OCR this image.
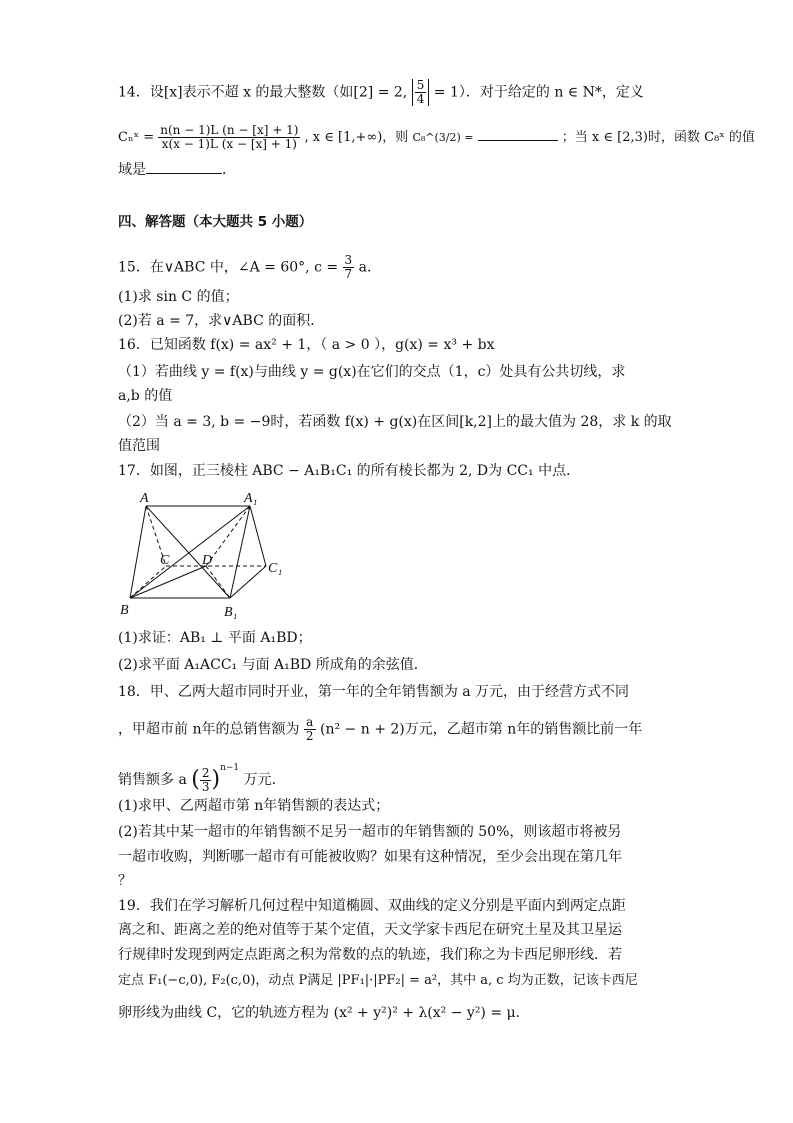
14．设[x]表示不超 x 的最大整数（如[2] = 2, $\frac{5}{4} = 1$）．对于给定的 n ∈ N*，定义
Cₙˣ = $\frac{n(n - 1)L (n - [x] + 1)}{x(x - 1)L (x - [x] + 1)}$ , x ∈ [1,+∞)，则 C₈^(3/2) =	；当 x ∈ [2,3)时，函数 C₈ˣ 的值
域是	．
四、解答题（本大题共 5 小题）
15．在∨ABC 中，∠A = 60°, $c = \frac{3}{7}$ a．
(1)求 sin C 的值；
(2)若 a = 7，求∨ABC 的面积．
16．已知函数 f(x) = ax² + 1，（ a > 0 ），g(x) = x³ + bx
（1）若曲线 y = f(x)与曲线 y = g(x)在它们的交点（1，c）处具有公共切线，求
a,b 的值
（2）当 a = 3, b = −9时，若函数 f(x) + g(x)在区间[k,2]上的最大值为 28，求 k 的取
值范围
17．如图，正三棱柱 ABC − A₁B₁C₁ 的所有棱长都为 2, D为 CC₁ 中点．
A	A₁
C D
C₁
B	B₁
(1)求证：AB₁ ⊥ 平面 A₁BD；
(2)求平面 A₁ACC₁ 与面 A₁BD 所成角的余弦值．
18．甲、乙两大超市同时开业，第一年的全年销售额为 a 万元，由于经营方式不同
，甲超市前 n年的总销售额为 $\frac{a}{2} (n^2 - n + 2)$万元，乙超市第 n年的销售额比前一年
销售额多 a ( $\frac{2}{3} )^{n-1}$ 万元．
(1)求甲、乙两超市第 n年销售额的表达式；
(2)若其中某一超市的年销售额不足另一超市的年销售额的 50%，则该超市将被另
一超市收购，判断哪一超市有可能被收购？如果有这种情况，至少会出现在第几年
？
19．我们在学习解析几何过程中知道椭圆、双曲线的定义分别是平面内到两定点距
离之和、距离之差的绝对值等于某个定值，天文学家卡西尼在研究土星及其卫星运
行规律时发现到两定点距离之积为常数的点的轨迹，我们称之为卡西尼卵形线．若
定点 F₁(−c,0), F₂(c,0)，动点 P满足 |PF₁|·|PF₂| = a²，其中 a, c 均为正数，记该卡西尼
卵形线为曲线 C，它的轨迹方程为 (x² + y²)² + λ(x² − y²) = μ．
